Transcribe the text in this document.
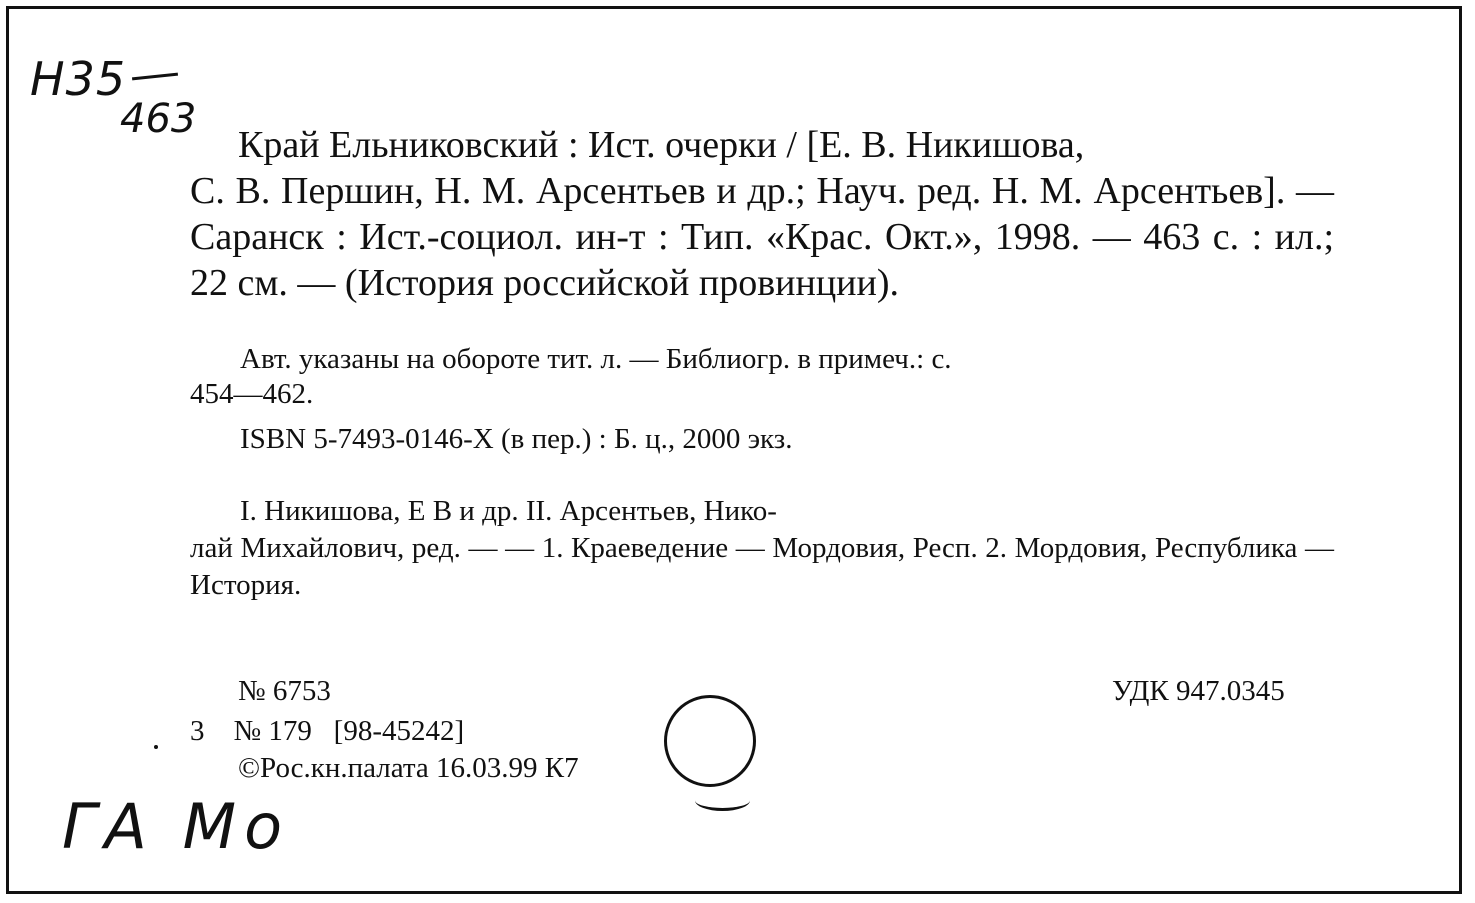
Н35
463
Край Ельниковский : Ист. очерки / [Е. В. Никишова,
С. В. Першин, Н. М. Арсентьев и др.; Науч. ред. Н. М. Арсентьев]. — Саранск : Ист.-социол. ин-т : Тип. «Крас. Окт.», 1998. — 463 с. : ил.; 22 см. — (История российской провинции).
Авт. указаны на обороте тит. л. — Библиогр. в примеч.: с.
454—462.
ISBN 5-7493-0146-X (в пер.) : Б. ц., 2000 экз.
I. Никишова, Е В и др. II. Арсентьев, Нико-
лай Михайлович, ред. — — 1. Краеведение — Мордовия, Респ. 2. Мордовия, Республика — История.
№ 6753	УДК 947.0345
3 № 179 [98-45242]
©Рос.кн.палата 16.03.99 К7
ГА Мо
